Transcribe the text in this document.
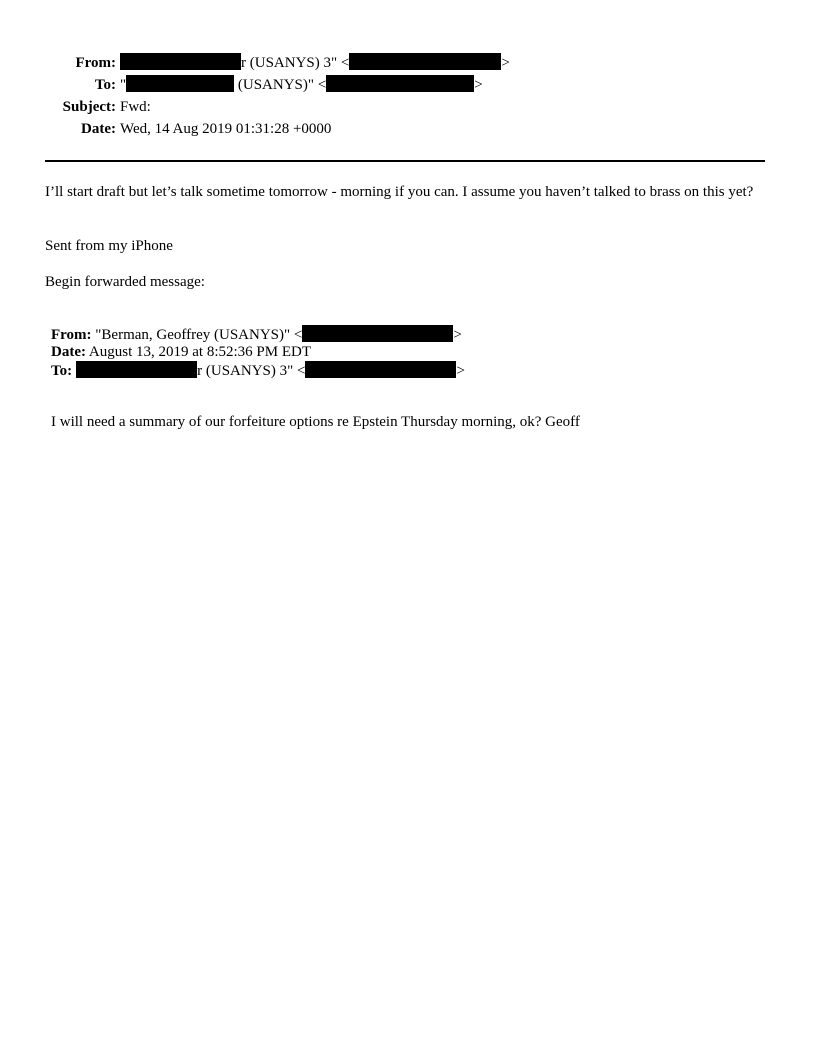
From:	r (USANYS) 3" <	>
To: "	(USANYS)" <	>
Subject: Fwd:
Date: Wed, 14 Aug 2019 01:31:28 +0000
I’ll start draft but let’s talk sometime tomorrow - morning if you can. I assume you haven’t talked to brass on this yet?
Sent from my iPhone
Begin forwarded message:
From: "Berman, Geoffrey (USANYS)" <	>
Date: August 13, 2019 at 8:52:36 PM EDT
To:	r (USANYS) 3" <	>
I will need a summary of our forfeiture options re Epstein Thursday morning, ok? Geoff
